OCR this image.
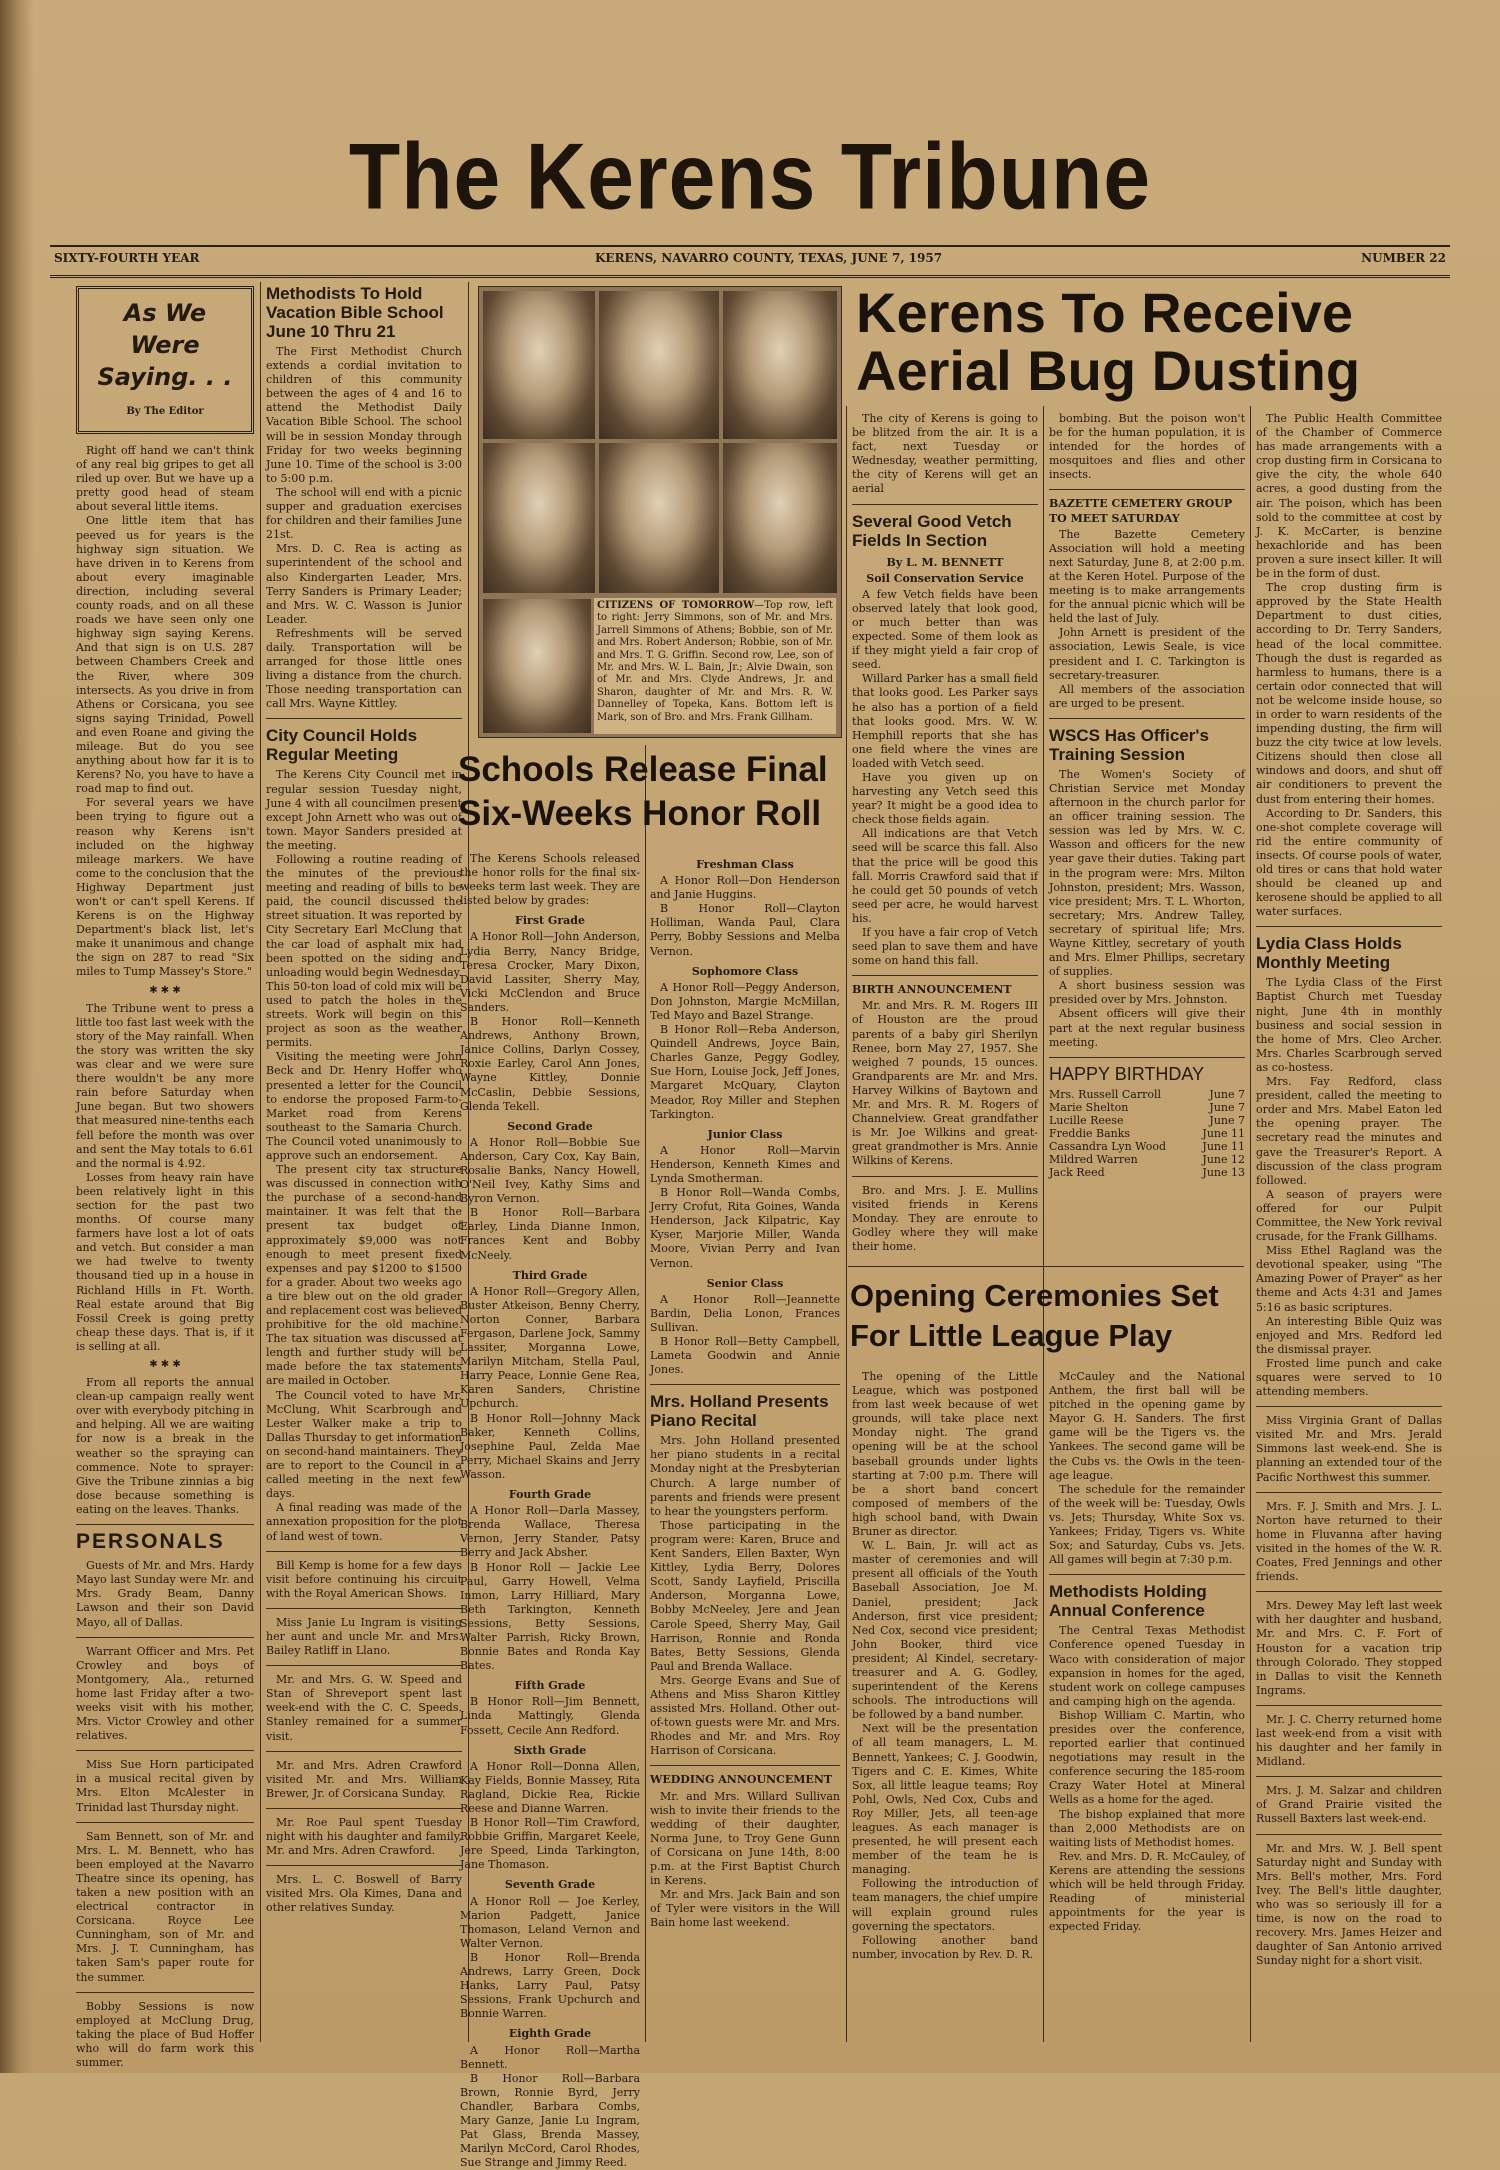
The Kerens Tribune
SIXTY-FOURTH YEAR	KERENS, NAVARRO COUNTY, TEXAS, JUNE 7, 1957	NUMBER 22
As We Were Saying. . .
By The Editor

Right off hand we can't think of any real big gripes to get all riled up over. But we have up a pretty good head of steam about several little items.

One little item that has peeved us for years is the highway sign situation. We have driven in to Kerens from about every imaginable direction, including several county roads, and on all these roads we have seen only one highway sign saying Kerens. And that sign is on U.S. 287 between Chambers Creek and the River, where 309 intersects. As you drive in from Athens or Corsicana, you see signs saying Trinidad, Powell and even Roane and giving the mileage. But do you see anything about how far it is to Kerens? No, you have to have a road map to find out.

For several years we have been trying to figure out a reason why Kerens isn't included on the highway mileage markers. We have come to the conclusion that the Highway Department just won't or can't spell Kerens. If Kerens is on the Highway Department's black list, let's make it unanimous and change the sign on 287 to read "Six miles to Tump Massey's Store."

✱ ✱ ✱

The Tribune went to press a little too fast last week with the story of the May rainfall. When the story was written the sky was clear and we were sure there wouldn't be any more rain before Saturday when June began. But two showers that measured nine-tenths each fell before the month was over and sent the May totals to 6.61 and the normal is 4.92.

Losses from heavy rain have been relatively light in this section for the past two months. Of course many farmers have lost a lot of oats and vetch. But consider a man we had twelve to twenty thousand tied up in a house in Richland Hills in Ft. Worth. Real estate around that Big Fossil Creek is going pretty cheap these days. That is, if it is selling at all.

✱ ✱ ✱

From all reports the annual clean-up campaign really went over with everybody pitching in and helping. All we are waiting for now is a break in the weather so the spraying can commence. Note to sprayer: Give the Tribune zinnias a big dose because something is eating on the leaves. Thanks.

PERSONALS

Guests of Mr. and Mrs. Hardy Mayo last Sunday were Mr. and Mrs. Grady Beam, Danny Lawson and their son David Mayo, all of Dallas.

Warrant Officer and Mrs. Pet Crowley and boys of Montgomery, Ala., returned home last Friday after a two-weeks visit with his mother, Mrs. Victor Crowley and other relatives.

Miss Sue Horn participated in a musical recital given by Mrs. Elton McAlester in Trinidad last Thursday night.

Sam Bennett, son of Mr. and Mrs. L. M. Bennett, who has been employed at the Navarro Theatre since its opening, has taken a new position with an electrical contractor in Corsicana. Royce Lee Cunningham, son of Mr. and Mrs. J. T. Cunningham, has taken Sam's paper route for the summer.

Bobby Sessions is now employed at McClung Drug, taking the place of Bud Hoffer who will do farm work this summer.

Methodists To Hold Vacation Bible School June 10 Thru 21

The First Methodist Church extends a cordial invitation to children of this community between the ages of 4 and 16 to attend the Methodist Daily Vacation Bible School. The school will be in session Monday through Friday for two weeks beginning June 10. Time of the school is 3:00 to 5:00 p.m.

The school will end with a picnic supper and graduation exercises for children and their families June 21st.

Mrs. D. C. Rea is acting as superintendent of the school and also Kindergarten Leader, Mrs. Terry Sanders is Primary Leader; and Mrs. W. C. Wasson is Junior Leader.

Refreshments will be served daily. Transportation will be arranged for those little ones living a distance from the church. Those needing transportation can call Mrs. Wayne Kittley.

City Council Holds Regular Meeting

The Kerens City Council met in regular session Tuesday night, June 4 with all councilmen present except John Arnett who was out of town. Mayor Sanders presided at the meeting.

Following a routine reading of the minutes of the previous meeting and reading of bills to be paid, the council discussed the street situation. It was reported by City Secretary Earl McClung that the car load of asphalt mix had been spotted on the siding and unloading would begin Wednesday. This 50-ton load of cold mix will be used to patch the holes in the streets. Work will begin on this project as soon as the weather permits.

Visiting the meeting were John Beck and Dr. Henry Hoffer who presented a letter for the Council to endorse the proposed Farm-to-Market road from Kerens southeast to the Samaria Church. The Council voted unanimously to approve such an endorsement.

The present city tax structure was discussed in connection with the purchase of a second-hand maintainer. It was felt that the present tax budget of approximately $9,000 was not enough to meet present fixed expenses and pay $1200 to $1500 for a grader. About two weeks ago a tire blew out on the old grader and replacement cost was believed prohibitive for the old machine. The tax situation was discussed at length and further study will be made before the tax statements are mailed in October.

The Council voted to have Mr. McClung, Whit Scarbrough and Lester Walker make a trip to Dallas Thursday to get information on second-hand maintainers. They are to report to the Council in a called meeting in the next few days.

A final reading was made of the annexation proposition for the plot of land west of town.

Bill Kemp is home for a few days visit before continuing his circuit with the Royal American Shows.

Miss Janie Lu Ingram is visiting her aunt and uncle Mr. and Mrs. Bailey Ratliff in Llano.

Mr. and Mrs. G. W. Speed and Stan of Shreveport spent last week-end with the C. C. Speeds. Stanley remained for a summer visit.

Mr. and Mrs. Adren Crawford visited Mr. and Mrs. William Brewer, Jr. of Corsicana Sunday.

Mr. Roe Paul spent Tuesday night with his daughter and family, Mr. and Mrs. Adren Crawford.

Mrs. L. C. Boswell of Barry visited Mrs. Ola Kimes, Dana and other relatives Sunday.

CITIZENS OF TOMORROW—Top row, left to right: Jerry Simmons, son of Mr. and Mrs. Jarrell Simmons of Athens; Bobbie, son of Mr. and Mrs. Robert Anderson; Robbie, son of Mr. and Mrs. T. G. Griffin. Second row, Lee, son of Mr. and Mrs. W. L. Bain, Jr.; Alvie Dwain, son of Mr. and Mrs. Clyde Andrews, Jr. and Sharon, daughter of Mr. and Mrs. R. W. Dannelley of Topeka, Kans. Bottom left is Mark, son of Bro. and Mrs. Frank Gillham.
Schools Release Final Six-Weeks Honor Roll

The Kerens Schools released the honor rolls for the final six-weeks term last week. They are listed below by grades:

First Grade

A Honor Roll—John Anderson, Lydia Berry, Nancy Bridge, Teresa Crocker, Mary Dixon, David Lassiter, Sherry May, Vicki McClendon and Bruce Sanders.

B Honor Roll—Kenneth Andrews, Anthony Brown, Janice Collins, Darlyn Cossey, Roxie Earley, Carol Ann Jones, Wayne Kittley, Donnie McCaslin, Debbie Sessions, Glenda Tekell.

Second Grade

A Honor Roll—Bobbie Sue Anderson, Cary Cox, Kay Bain, Rosalie Banks, Nancy Howell, O'Neil Ivey, Kathy Sims and Byron Vernon.

B Honor Roll—Barbara Earley, Linda Dianne Inmon, Frances Kent and Bobby McNeely.

Third Grade

A Honor Roll—Gregory Allen, Buster Atkeison, Benny Cherry, Norton Conner, Barbara Fergason, Darlene Jock, Sammy Lassiter, Morganna Lowe, Marilyn Mitcham, Stella Paul, Harry Peace, Lonnie Gene Rea, Karen Sanders, Christine Upchurch.

B Honor Roll—Johnny Mack Baker, Kenneth Collins, Josephine Paul, Zelda Mae Perry, Michael Skains and Jerry Wasson.

Fourth Grade

A Honor Roll—Darla Massey, Brenda Wallace, Theresa Vernon, Jerry Stander, Patsy Berry and Jack Absher.

B Honor Roll — Jackie Lee Paul, Garry Howell, Velma Inmon, Larry Hilliard, Mary Beth Tarkington, Kenneth Sessions, Betty Sessions, Walter Parrish, Ricky Brown, Bonnie Bates and Ronda Kay Bates.

Fifth Grade

B Honor Roll—Jim Bennett, Linda Mattingly, Glenda Fossett, Cecile Ann Redford.

Sixth Grade

A Honor Roll—Donna Allen, Kay Fields, Bonnie Massey, Rita Ragland, Dickie Rea, Rickie Reese and Dianne Warren.

B Honor Roll—Tim Crawford, Robbie Griffin, Margaret Keele, Jere Speed, Linda Tarkington, Jane Thomason.

Seventh Grade

A Honor Roll — Joe Kerley, Marion Padgett, Janice Thomason, Leland Vernon and Walter Vernon.

B Honor Roll—Brenda Andrews, Larry Green, Dock Hanks, Larry Paul, Patsy Sessions, Frank Upchurch and Bonnie Warren.

Eighth Grade

A Honor Roll—Martha Bennett.

B Honor Roll—Barbara Brown, Ronnie Byrd, Jerry Chandler, Barbara Combs, Mary Ganze, Janie Lu Ingram, Pat Glass, Brenda Massey, Marilyn McCord, Carol Rhodes, Sue Strange and Jimmy Reed.

Freshman Class

A Honor Roll—Don Henderson and Janie Huggins.

B Honor Roll—Clayton Holliman, Wanda Paul, Clara Perry, Bobby Sessions and Melba Vernon.

Sophomore Class

A Honor Roll—Peggy Anderson, Don Johnston, Margie McMillan, Ted Mayo and Bazel Strange.

B Honor Roll—Reba Anderson, Quindell Andrews, Joyce Bain, Charles Ganze, Peggy Godley, Sue Horn, Louise Jock, Jeff Jones, Margaret McQuary, Clayton Meador, Roy Miller and Stephen Tarkington.

Junior Class

A Honor Roll—Marvin Henderson, Kenneth Kimes and Lynda Smotherman.

B Honor Roll—Wanda Combs, Jerry Crofut, Rita Goines, Wanda Henderson, Jack Kilpatric, Kay Kyser, Marjorie Miller, Wanda Moore, Vivian Perry and Ivan Vernon.

Senior Class

A Honor Roll—Jeannette Bardin, Delia Lonon, Frances Sullivan.

B Honor Roll—Betty Campbell, Lameta Goodwin and Annie Jones.

Mrs. Holland Presents Piano Recital

Mrs. John Holland presented her piano students in a recital Monday night at the Presbyterian Church. A large number of parents and friends were present to hear the youngsters perform.

Those participating in the program were: Karen, Bruce and Kent Sanders, Ellen Baxter, Wyn Kittley, Lydia Berry, Dolores Scott, Sandy Layfield, Priscilla Anderson, Morganna Lowe, Bobby McNeeley, Jere and Jean Carole Speed, Sherry May, Gail Harrison, Ronnie and Ronda Bates, Betty Sessions, Glenda Paul and Brenda Wallace.

Mrs. George Evans and Sue of Athens and Miss Sharon Kittley assisted Mrs. Holland. Other out-of-town guests were Mr. and Mrs. Rhodes and Mr. and Mrs. Roy Harrison of Corsicana.

WEDDING ANNOUNCEMENT

Mr. and Mrs. Willard Sullivan wish to invite their friends to the wedding of their daughter, Norma June, to Troy Gene Gunn of Corsicana on June 14th, 8:00 p.m. at the First Baptist Church in Kerens.

Mr. and Mrs. Jack Bain and son of Tyler were visitors in the Will Bain home last weekend.

Kerens To Receive Aerial Bug Dusting

The city of Kerens is going to be blitzed from the air. It is a fact, next Tuesday or Wednesday, weather permitting, the city of Kerens will get an aerial

Several Good Vetch Fields In Section
By L. M. BENNETT
Soil Conservation Service

A few Vetch fields have been observed lately that look good, or much better than was expected. Some of them look as if they might yield a fair crop of seed.

Willard Parker has a small field that looks good. Les Parker says he also has a portion of a field that looks good. Mrs. W. W. Hemphill reports that she has one field where the vines are loaded with Vetch seed.

Have you given up on harvesting any Vetch seed this year? It might be a good idea to check those fields again.

All indications are that Vetch seed will be scarce this fall. Also that the price will be good this fall. Morris Crawford said that if he could get 50 pounds of vetch seed per acre, he would harvest his.

If you have a fair crop of Vetch seed plan to save them and have some on hand this fall.

BIRTH ANNOUNCEMENT

Mr. and Mrs. R. M. Rogers III of Houston are the proud parents of a baby girl Sherilyn Renee, born May 27, 1957. She weighed 7 pounds, 15 ounces. Grandparents are Mr. and Mrs. Harvey Wilkins of Baytown and Mr. and Mrs. R. M. Rogers of Channelview. Great grandfather is Mr. Joe Wilkins and great-great grandmother is Mrs. Annie Wilkins of Kerens.

Bro. and Mrs. J. E. Mullins visited friends in Kerens Monday. They are enroute to Godley where they will make their home.

bombing. But the poison won't be for the human population, it is intended for the hordes of mosquitoes and flies and other insects.

BAZETTE CEMETERY GROUP TO MEET SATURDAY

The Bazette Cemetery Association will hold a meeting next Saturday, June 8, at 2:00 p.m. at the Keren Hotel. Purpose of the meeting is to make arrangements for the annual picnic which will be held the last of July.

John Arnett is president of the association, Lewis Seale, is vice president and I. C. Tarkington is secretary-treasurer.

All members of the association are urged to be present.

WSCS Has Officer's Training Session

The Women's Society of Christian Service met Monday afternoon in the church parlor for an officer training session. The session was led by Mrs. W. C. Wasson and officers for the new year gave their duties. Taking part in the program were: Mrs. Milton Johnston, president; Mrs. Wasson, vice president; Mrs. T. L. Whorton, secretary; Mrs. Andrew Talley, secretary of spiritual life; Mrs. Wayne Kittley, secretary of youth and Mrs. Elmer Phillips, secretary of supplies.

A short business session was presided over by Mrs. Johnston.

Absent officers will give their part at the next regular business meeting.

HAPPY BIRTHDAY
Mrs. Russell Carroll	June 7
Marie Shelton	June 7
Lucille Reese	June 7
Freddie Banks	June 11
Cassandra Lyn Wood	June 11
Mildred Warren	June 12
Jack Reed	June 13
Opening Ceremonies Set For Little League Play

The opening of the Little League, which was postponed from last week because of wet grounds, will take place next Monday night. The grand opening will be at the school baseball grounds under lights starting at 7:00 p.m. There will be a short band concert composed of members of the high school band, with Dwain Bruner as director.

W. L. Bain, Jr. will act as master of ceremonies and will present all officials of the Youth Baseball Association, Joe M. Daniel, president; Jack Anderson, first vice president; Ned Cox, second vice president; John Booker, third vice president; Al Kindel, secretary-treasurer and A. G. Godley, superintendent of the Kerens schools. The introductions will be followed by a band number.

Next will be the presentation of all team managers, L. M. Bennett, Yankees; C. J. Goodwin, Tigers and C. E. Kimes, White Sox, all little league teams; Roy Pohl, Owls, Ned Cox, Cubs and Roy Miller, Jets, all teen-age leagues. As each manager is presented, he will present each member of the team he is managing.

Following the introduction of team managers, the chief umpire will explain ground rules governing the spectators.

Following another band number, invocation by Rev. D. R.

McCauley and the National Anthem, the first ball will be pitched in the opening game by Mayor G. H. Sanders. The first game will be the Tigers vs. the Yankees. The second game will be the Cubs vs. the Owls in the teen-age league.

The schedule for the remainder of the week will be: Tuesday, Owls vs. Jets; Thursday, White Sox vs. Yankees; Friday, Tigers vs. White Sox; and Saturday, Cubs vs. Jets. All games will begin at 7:30 p.m.

Methodists Holding Annual Conference

The Central Texas Methodist Conference opened Tuesday in Waco with consideration of major expansion in homes for the aged, student work on college campuses and camping high on the agenda.

Bishop William C. Martin, who presides over the conference, reported earlier that continued negotiations may result in the conference securing the 185-room Crazy Water Hotel at Mineral Wells as a home for the aged.

The bishop explained that more than 2,000 Methodists are on waiting lists of Methodist homes.

Rev. and Mrs. D. R. McCauley, of Kerens are attending the sessions which will be held through Friday. Reading of ministerial appointments for the year is expected Friday.

The Public Health Committee of the Chamber of Commerce has made arrangements with a crop dusting firm in Corsicana to give the city, the whole 640 acres, a good dusting from the air. The poison, which has been sold to the committee at cost by J. K. McCarter, is benzine hexachloride and has been proven a sure insect killer. It will be in the form of dust.

The crop dusting firm is approved by the State Health Department to dust cities, according to Dr. Terry Sanders, head of the local committee. Though the dust is regarded as harmless to humans, there is a certain odor connected that will not be welcome inside house, so in order to warn residents of the impending dusting, the firm will buzz the city twice at low levels. Citizens should then close all windows and doors, and shut off air conditioners to prevent the dust from entering their homes.

According to Dr. Sanders, this one-shot complete coverage will rid the entire community of insects. Of course pools of water, old tires or cans that hold water should be cleaned up and kerosene should be applied to all water surfaces.

Lydia Class Holds Monthly Meeting

The Lydia Class of the First Baptist Church met Tuesday night, June 4th in monthly business and social session in the home of Mrs. Cleo Archer. Mrs. Charles Scarbrough served as co-hostess.

Mrs. Fay Redford, class president, called the meeting to order and Mrs. Mabel Eaton led the opening prayer. The secretary read the minutes and gave the Treasurer's Report. A discussion of the class program followed.

A season of prayers were offered for our Pulpit Committee, the New York revival crusade, for the Frank Gillhams.

Miss Ethel Ragland was the devotional speaker, using "The Amazing Power of Prayer" as her theme and Acts 4:31 and James 5:16 as basic scriptures.

An interesting Bible Quiz was enjoyed and Mrs. Redford led the dismissal prayer.

Frosted lime punch and cake squares were served to 10 attending members.

Miss Virginia Grant of Dallas visited Mr. and Mrs. Jerald Simmons last week-end. She is planning an extended tour of the Pacific Northwest this summer.

Mrs. F. J. Smith and Mrs. J. L. Norton have returned to their home in Fluvanna after having visited in the homes of the W. R. Coates, Fred Jennings and other friends.

Mrs. Dewey May left last week with her daughter and husband, Mr. and Mrs. C. F. Fort of Houston for a vacation trip through Colorado. They stopped in Dallas to visit the Kenneth Ingrams.

Mr. J. C. Cherry returned home last week-end from a visit with his daughter and her family in Midland.

Mrs. J. M. Salzar and children of Grand Prairie visited the Russell Baxters last week-end.

Mr. and Mrs. W. J. Bell spent Saturday night and Sunday with Mrs. Bell's mother, Mrs. Ford Ivey. The Bell's little daughter, who was so seriously ill for a time, is now on the road to recovery. Mrs. James Heizer and daughter of San Antonio arrived Sunday night for a short visit.
